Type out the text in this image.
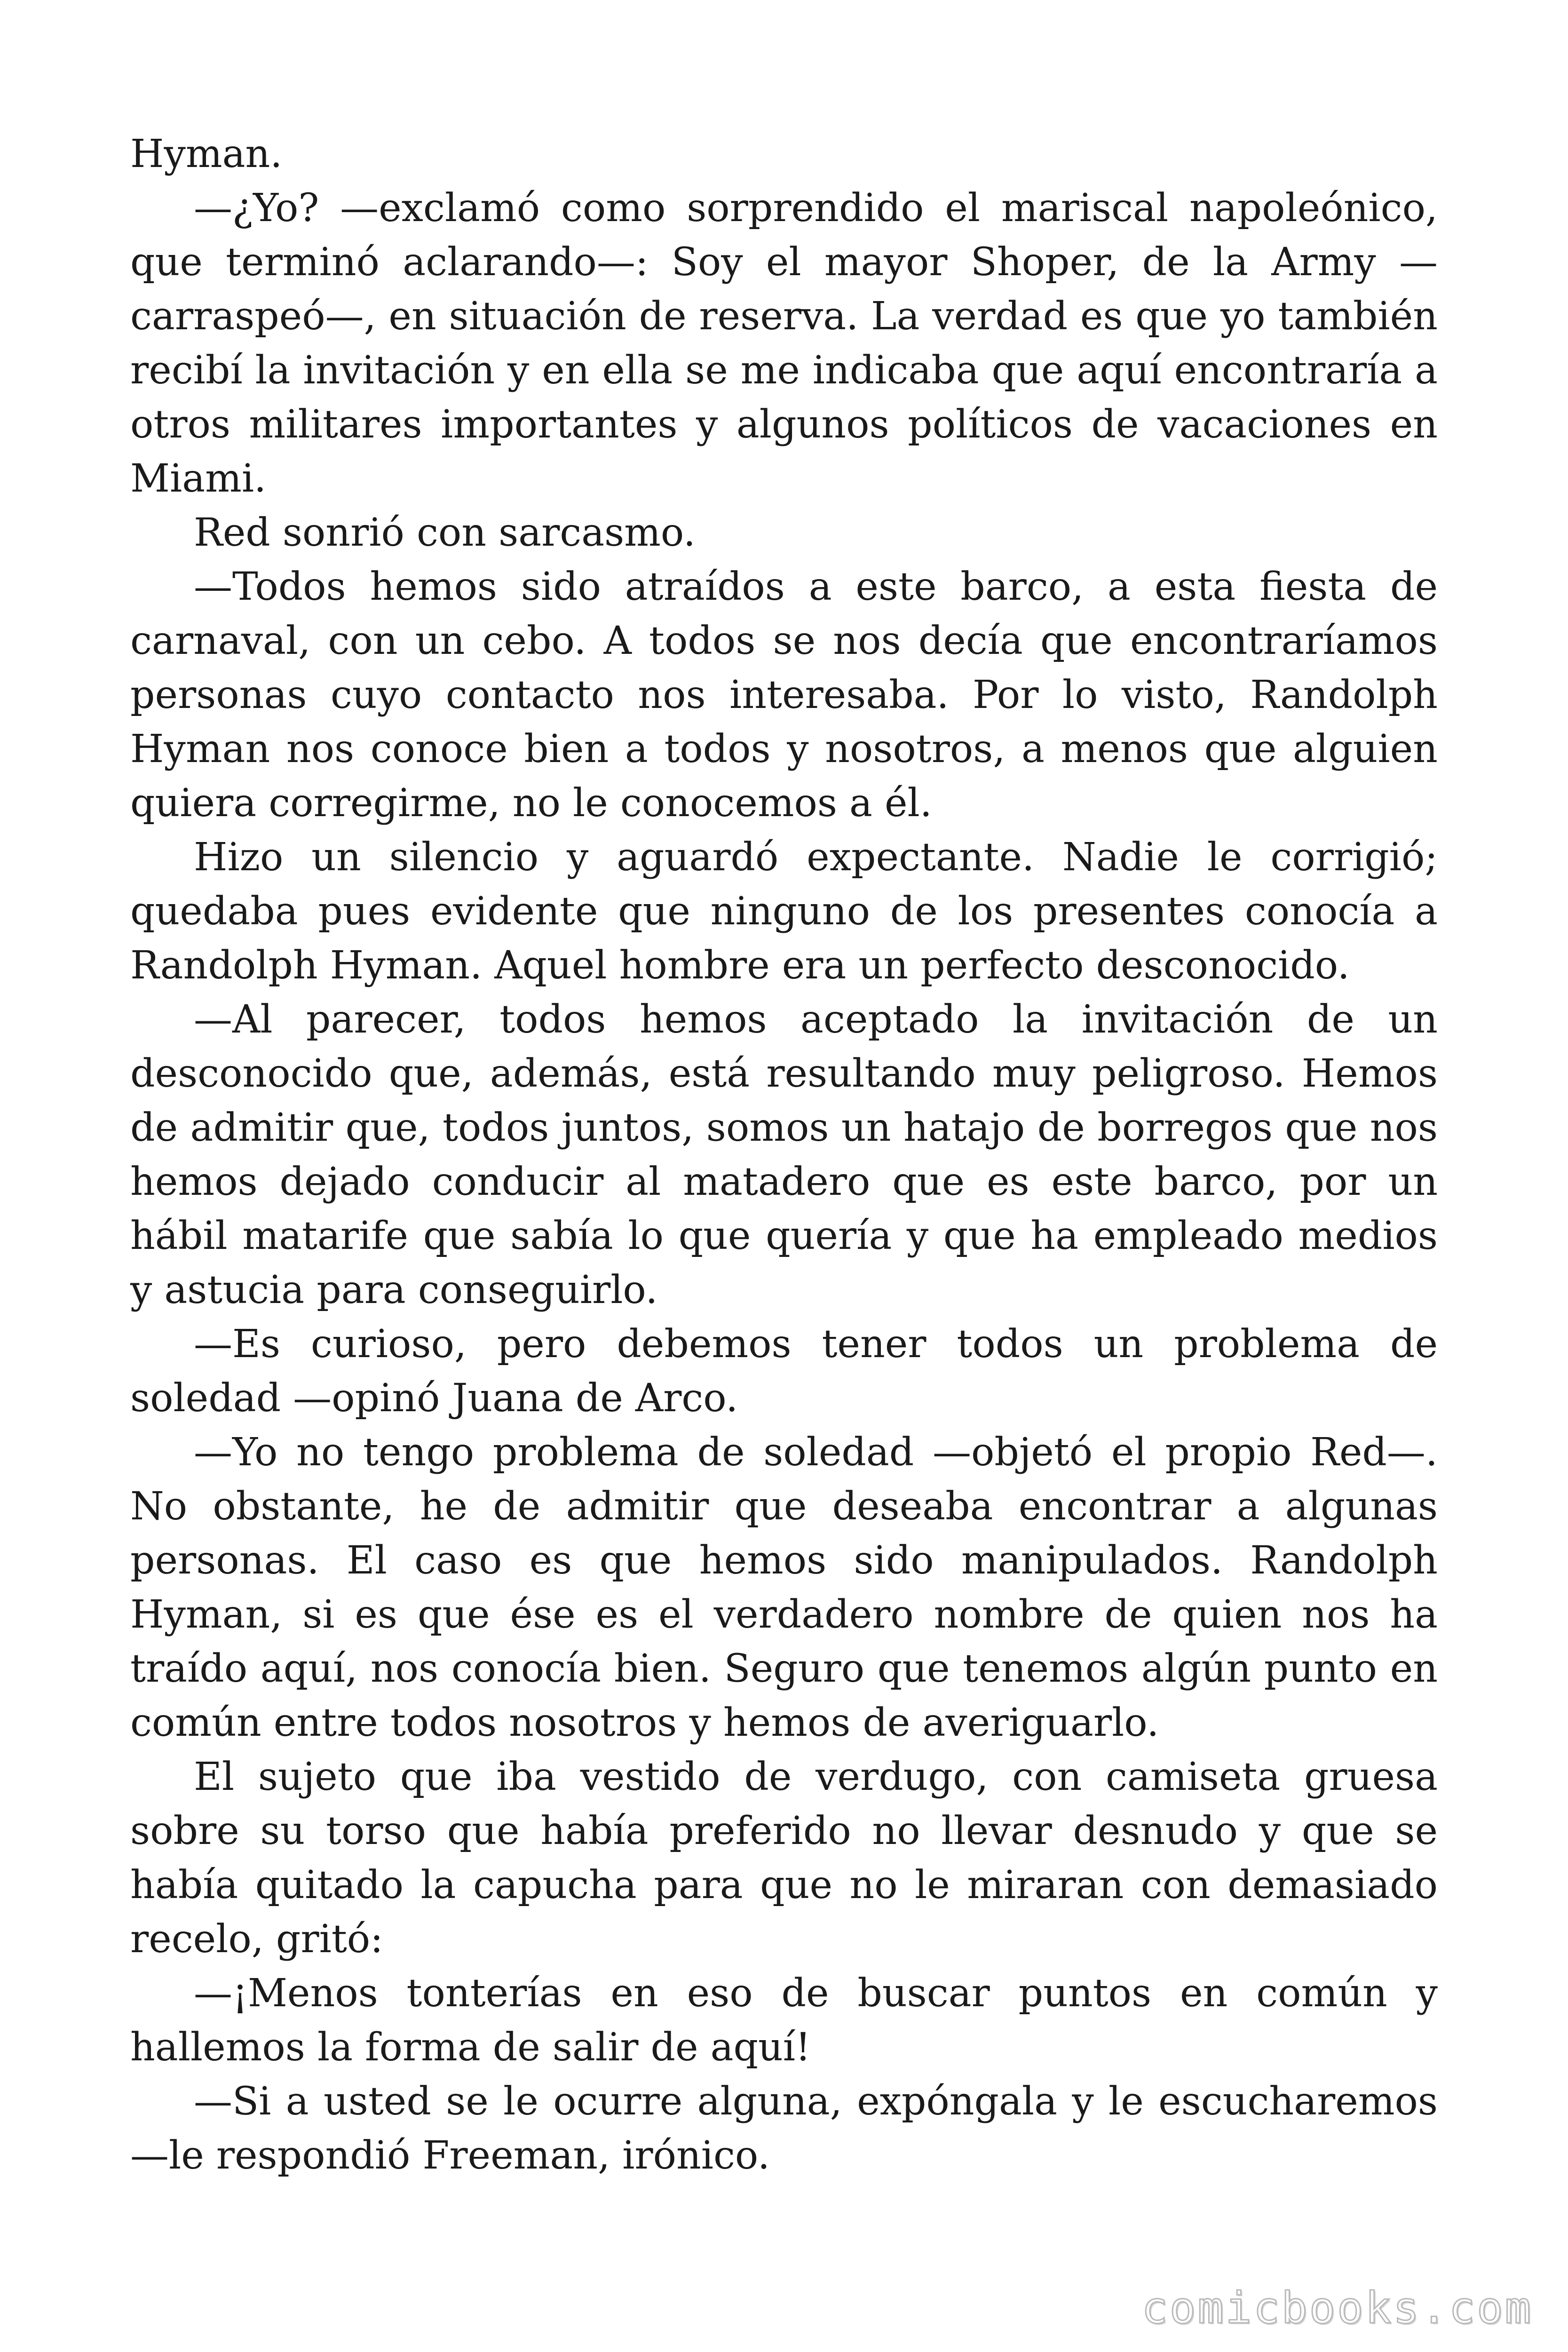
Hyman.

—¿Yo? —exclamó como sorprendido el mariscal napoleónico, que terminó aclarando—: Soy el mayor Shoper, de la Army —carraspeó—, en situación de reserva. La verdad es que yo también recibí la invitación y en ella se me indicaba que aquí encontraría a otros militares importantes y algunos políticos de vacaciones en Miami.

Red sonrió con sarcasmo.

—Todos hemos sido atraídos a este barco, a esta fiesta de carnaval, con un cebo. A todos se nos decía que encontraríamos personas cuyo contacto nos interesaba. Por lo visto, Randolph Hyman nos conoce bien a todos y nosotros, a menos que alguien quiera corregirme, no le conocemos a él.

Hizo un silencio y aguardó expectante. Nadie le corrigió; quedaba pues evidente que ninguno de los presentes conocía a Randolph Hyman. Aquel hombre era un perfecto desconocido.

—Al parecer, todos hemos aceptado la invitación de un desconocido que, además, está resultando muy peligroso. Hemos de admitir que, todos juntos, somos un hatajo de borregos que nos hemos dejado conducir al matadero que es este barco, por un hábil matarife que sabía lo que quería y que ha empleado medios y astucia para conseguirlo.

—Es curioso, pero debemos tener todos un problema de soledad —opinó Juana de Arco.

—Yo no tengo problema de soledad —objetó el propio Red—. No obstante, he de admitir que deseaba encontrar a algunas personas. El caso es que hemos sido manipulados. Randolph Hyman, si es que ése es el verdadero nombre de quien nos ha traído aquí, nos conocía bien. Seguro que tenemos algún punto en común entre todos nosotros y hemos de averiguarlo.

El sujeto que iba vestido de verdugo, con camiseta gruesa sobre su torso que había preferido no llevar desnudo y que se había quitado la capucha para que no le miraran con demasiado recelo, gritó:

—¡Menos tonterías en eso de buscar puntos en común y hallemos la forma de salir de aquí!

—Si a usted se le ocurre alguna, expóngala y le escucharemos —le respondió Freeman, irónico.

comicbooks.com
